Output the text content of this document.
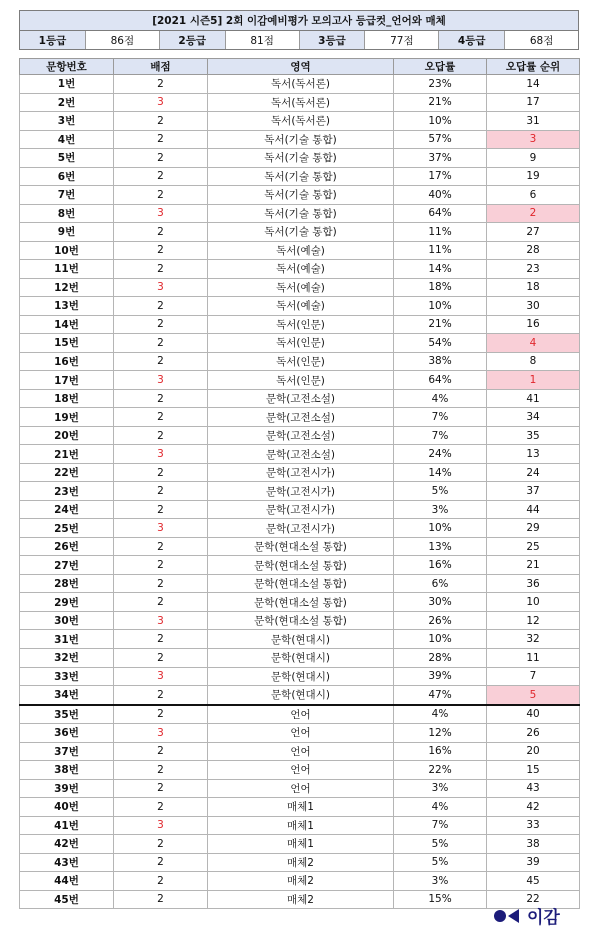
[2021 시즌5] 2회 이감예비평가 모의고사 등급컷_언어와 매체
1등급	86점	2등급	81점	3등급	77점	4등급	68점
문항번호	배점	영역	오답률	오답률 순위
1번	2	독서(독서론)	23%	14
2번	3	독서(독서론)	21%	17
3번	2	독서(독서론)	10%	31
4번	2	독서(기술 통합)	57%	3
5번	2	독서(기술 통합)	37%	9
6번	2	독서(기술 통합)	17%	19
7번	2	독서(기술 통합)	40%	6
8번	3	독서(기술 통합)	64%	2
9번	2	독서(기술 통합)	11%	27
10번	2	독서(예술)	11%	28
11번	2	독서(예술)	14%	23
12번	3	독서(예술)	18%	18
13번	2	독서(예술)	10%	30
14번	2	독서(인문)	21%	16
15번	2	독서(인문)	54%	4
16번	2	독서(인문)	38%	8
17번	3	독서(인문)	64%	1
18번	2	문학(고전소설)	4%	41
19번	2	문학(고전소설)	7%	34
20번	2	문학(고전소설)	7%	35
21번	3	문학(고전소설)	24%	13
22번	2	문학(고전시가)	14%	24
23번	2	문학(고전시가)	5%	37
24번	2	문학(고전시가)	3%	44
25번	3	문학(고전시가)	10%	29
26번	2	문학(현대소설 통합)	13%	25
27번	2	문학(현대소설 통합)	16%	21
28번	2	문학(현대소설 통합)	6%	36
29번	2	문학(현대소설 통합)	30%	10
30번	3	문학(현대소설 통합)	26%	12
31번	2	문학(현대시)	10%	32
32번	2	문학(현대시)	28%	11
33번	3	문학(현대시)	39%	7
34번	2	문학(현대시)	47%	5
35번	2	언어	4%	40
36번	3	언어	12%	26
37번	2	언어	16%	20
38번	2	언어	22%	15
39번	2	언어	3%	43
40번	2	매체1	4%	42
41번	3	매체1	7%	33
42번	2	매체1	5%	38
43번	2	매체2	5%	39
44번	2	매체2	3%	45
45번	2	매체2	15%	22
이감
